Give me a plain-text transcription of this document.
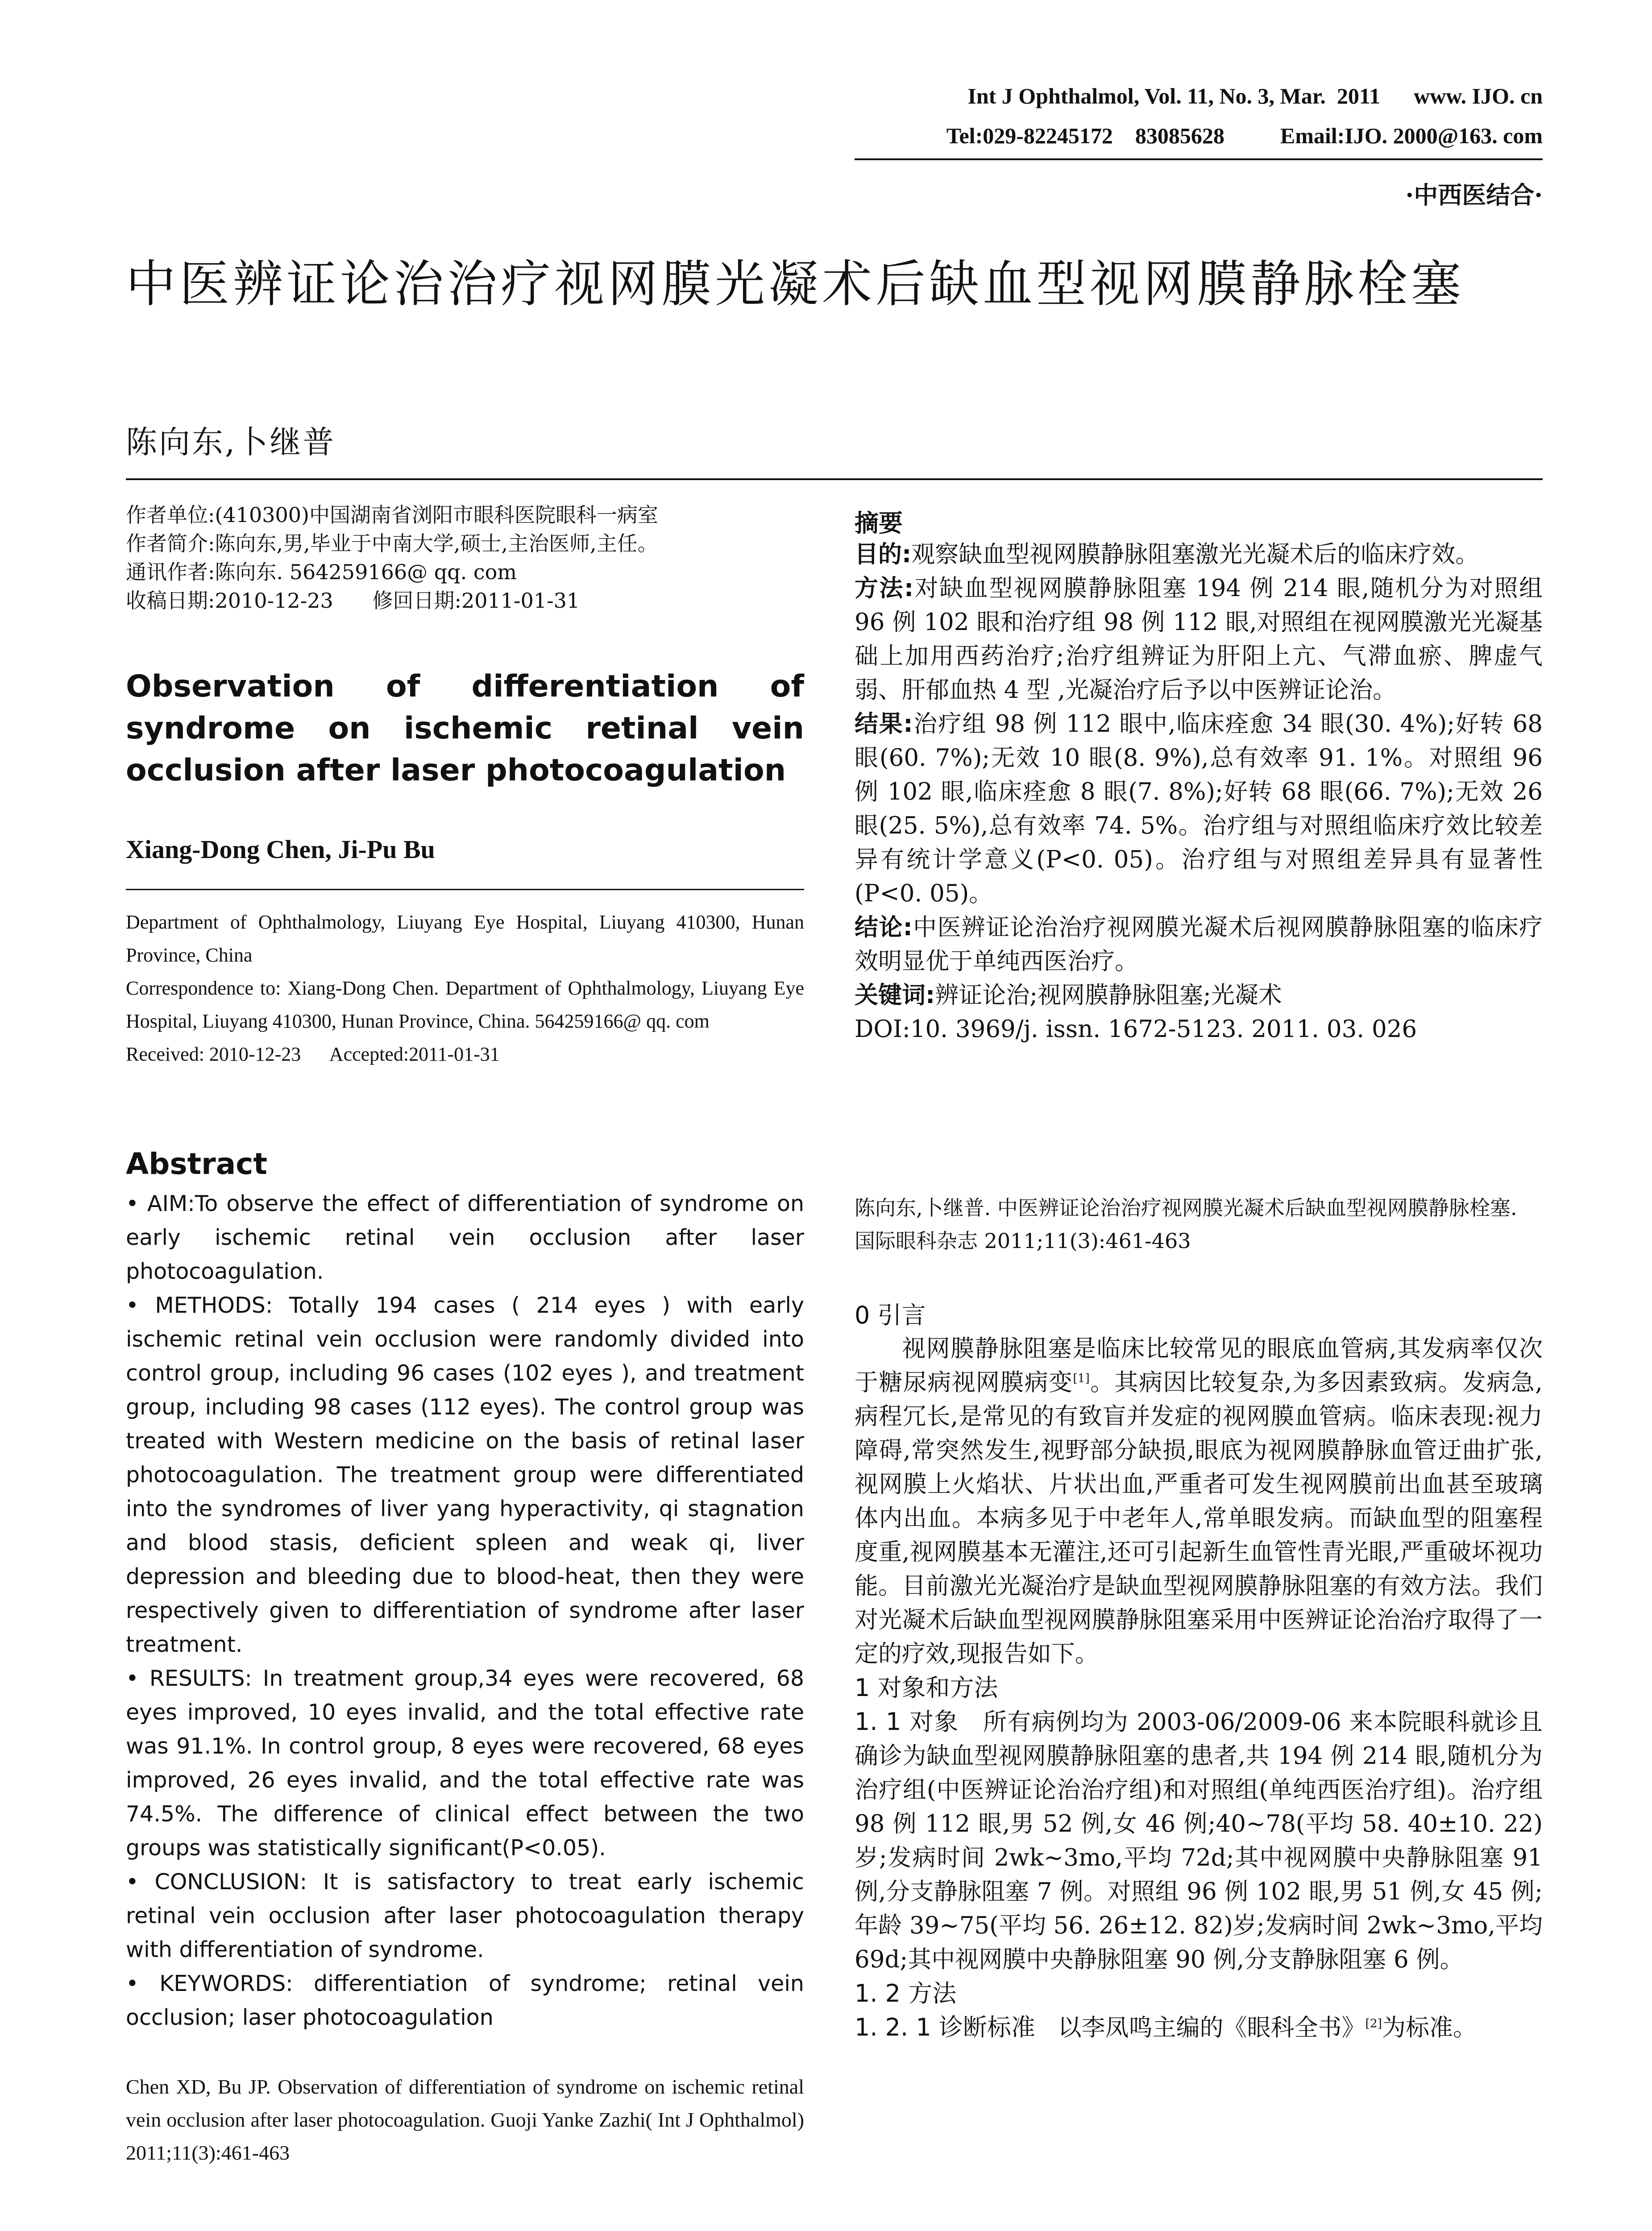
Int J Ophthalmol, Vol. 11, No. 3, Mar.  2011      www. IJO. cn
Tel:029-82245172    83085628          Email:IJO. 2000@163. com
·中西医结合·
中医辨证论治治疗视网膜光凝术后缺血型视网膜静脉栓塞
陈向东,卜继普
作者单位:(410300)中国湖南省浏阳市眼科医院眼科一病室
作者简介:陈向东,男,毕业于中南大学,硕士,主治医师,主任。
通讯作者:陈向东. 564259166@ qq. com
收稿日期:2010-12-23      修回日期:2011-01-31
Observation of differentiation of syndrome on ischemic retinal vein occlusion after laser photocoagulation
Xiang-Dong Chen, Ji-Pu Bu
Department of Ophthalmology, Liuyang Eye Hospital, Liuyang 410300, Hunan Province, China
Correspondence to: Xiang-Dong Chen. Department of Ophthalmology, Liuyang Eye Hospital, Liuyang 410300, Hunan Province, China. 564259166@ qq. com
Received: 2010-12-23      Accepted:2011-01-31
Abstract

• AIM:To observe the effect of differentiation of syndrome on early ischemic retinal vein occlusion after laser photocoagulation.

• METHODS: Totally 194 cases ( 214 eyes ) with early ischemic retinal vein occlusion were randomly divided into control group, including 96 cases (102 eyes ), and treatment group, including 98 cases (112 eyes). The control group was treated with Western medicine on the basis of retinal laser photocoagulation. The treatment group were differentiated into the syndromes of liver yang hyperactivity, qi stagnation and blood stasis, deficient spleen and weak qi, liver depression and bleeding due to blood-heat, then they were respectively given to differentiation of syndrome after laser treatment.

• RESULTS: In treatment group,34 eyes were recovered, 68 eyes improved, 10 eyes invalid, and the total effective rate was 91.1%. In control group, 8 eyes were recovered, 68 eyes improved, 26 eyes invalid, and the total effective rate was 74.5%. The difference of clinical effect between the two groups was statistically significant(P<0.05).

• CONCLUSION: It is satisfactory to treat early ischemic retinal vein occlusion after laser photocoagulation therapy with differentiation of syndrome.

• KEYWORDS: differentiation of syndrome; retinal vein occlusion; laser photocoagulation

Chen XD, Bu JP. Observation of differentiation of syndrome on ischemic retinal vein occlusion after laser photocoagulation. Guoji Yanke Zazhi( Int J Ophthalmol) 2011;11(3):461-463
摘要

目的:观察缺血型视网膜静脉阻塞激光光凝术后的临床疗效。

方法:对缺血型视网膜静脉阻塞 194 例 214 眼,随机分为对照组 96 例 102 眼和治疗组 98 例 112 眼,对照组在视网膜激光光凝基础上加用西药治疗;治疗组辨证为肝阳上亢、气滞血瘀、脾虚气弱、肝郁血热 4 型 ,光凝治疗后予以中医辨证论治。

结果:治疗组 98 例 112 眼中,临床痊愈 34 眼(30. 4%);好转 68 眼(60. 7%);无效 10 眼(8. 9%),总有效率 91. 1%。对照组 96 例 102 眼,临床痊愈 8 眼(7. 8%);好转 68 眼(66. 7%);无效 26 眼(25. 5%),总有效率 74. 5%。治疗组与对照组临床疗效比较差异有统计学意义(P<0. 05)。治疗组与对照组差异具有显著性(P<0. 05)。

结论:中医辨证论治治疗视网膜光凝术后视网膜静脉阻塞的临床疗效明显优于单纯西医治疗。

关键词:辨证论治;视网膜静脉阻塞;光凝术

DOI:10. 3969/j. issn. 1672-5123. 2011. 03. 026

陈向东,卜继普. 中医辨证论治治疗视网膜光凝术后缺血型视网膜静脉栓塞. 国际眼科杂志 2011;11(3):461-463
0 引言

视网膜静脉阻塞是临床比较常见的眼底血管病,其发病率仅次于糖尿病视网膜病变[1]。其病因比较复杂,为多因素致病。发病急,病程冗长,是常见的有致盲并发症的视网膜血管病。临床表现:视力障碍,常突然发生,视野部分缺损,眼底为视网膜静脉血管迂曲扩张,视网膜上火焰状、片状出血,严重者可发生视网膜前出血甚至玻璃体内出血。本病多见于中老年人,常单眼发病。而缺血型的阻塞程度重,视网膜基本无灌注,还可引起新生血管性青光眼,严重破坏视功能。目前激光光凝治疗是缺血型视网膜静脉阻塞的有效方法。我们对光凝术后缺血型视网膜静脉阻塞采用中医辨证论治治疗取得了一定的疗效,现报告如下。

1 对象和方法

1. 1 对象 所有病例均为 2003-06/2009-06 来本院眼科就诊且确诊为缺血型视网膜静脉阻塞的患者,共 194 例 214 眼,随机分为治疗组(中医辨证论治治疗组)和对照组(单纯西医治疗组)。治疗组 98 例 112 眼,男 52 例,女 46 例;40~78(平均 58. 40±10. 22)岁;发病时间 2wk~3mo,平均 72d;其中视网膜中央静脉阻塞 91 例,分支静脉阻塞 7 例。对照组 96 例 102 眼,男 51 例,女 45 例;年龄 39~75(平均 56. 26±12. 82)岁;发病时间 2wk~3mo,平均 69d;其中视网膜中央静脉阻塞 90 例,分支静脉阻塞 6 例。

1. 2 方法

1. 2. 1 诊断标准 以李凤鸣主编的《眼科全书》[2]为标准。
